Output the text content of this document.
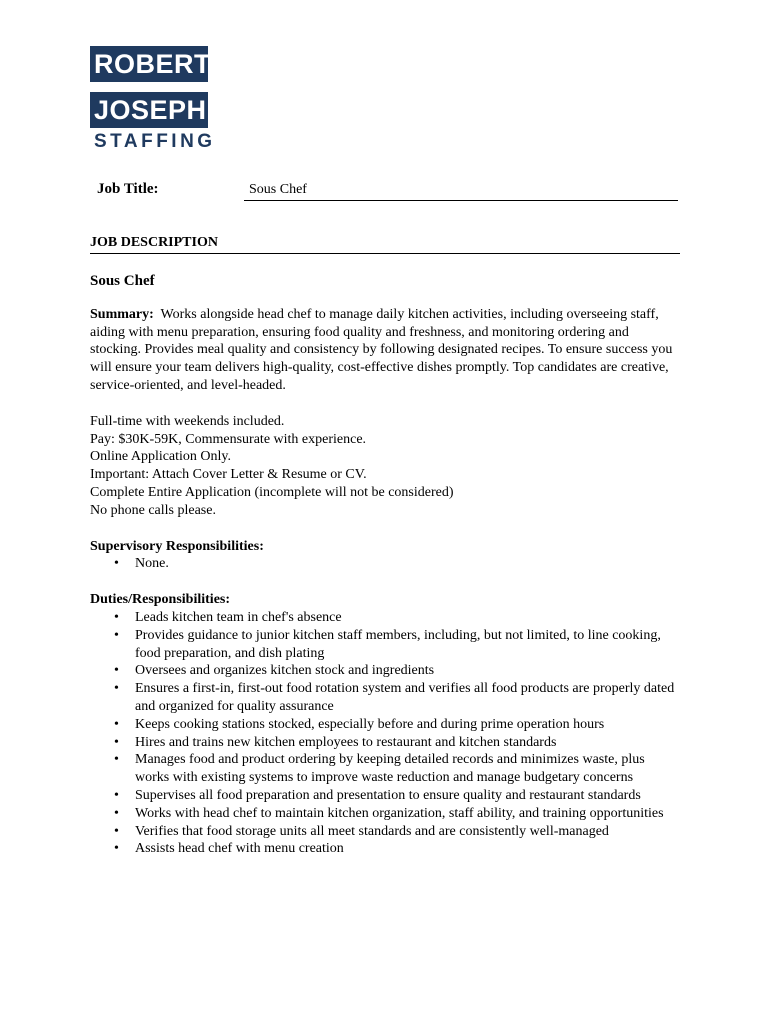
ROBERTS
JOSEPH
STAFFING
Job Title:	Sous Chef
JOB DESCRIPTION

Sous Chef

Summary: Works alongside head chef to manage daily kitchen activities, including overseeing staff, aiding with menu preparation, ensuring food quality and freshness, and monitoring ordering and stocking. Provides meal quality and consistency by following designated recipes. To ensure success you will ensure your team delivers high-quality, cost-effective dishes promptly. Top candidates are creative, service-oriented, and level-headed.

Full-time with weekends included.

Pay: $30K-59K, Commensurate with experience.

Online Application Only.

Important: Attach Cover Letter & Resume or CV.

Complete Entire Application (incomplete will not be considered)

No phone calls please.

Supervisory Responsibilities:

• None.

Duties/Responsibilities:

• Leads kitchen team in chef's absence
• Provides guidance to junior kitchen staff members, including, but not limited, to line cooking, food preparation, and dish plating
• Oversees and organizes kitchen stock and ingredients
• Ensures a first-in, first-out food rotation system and verifies all food products are properly dated and organized for quality assurance
• Keeps cooking stations stocked, especially before and during prime operation hours
• Hires and trains new kitchen employees to restaurant and kitchen standards
• Manages food and product ordering by keeping detailed records and minimizes waste, plus works with existing systems to improve waste reduction and manage budgetary concerns
• Supervises all food preparation and presentation to ensure quality and restaurant standards
• Works with head chef to maintain kitchen organization, staff ability, and training opportunities
• Verifies that food storage units all meet standards and are consistently well-managed
• Assists head chef with menu creation
